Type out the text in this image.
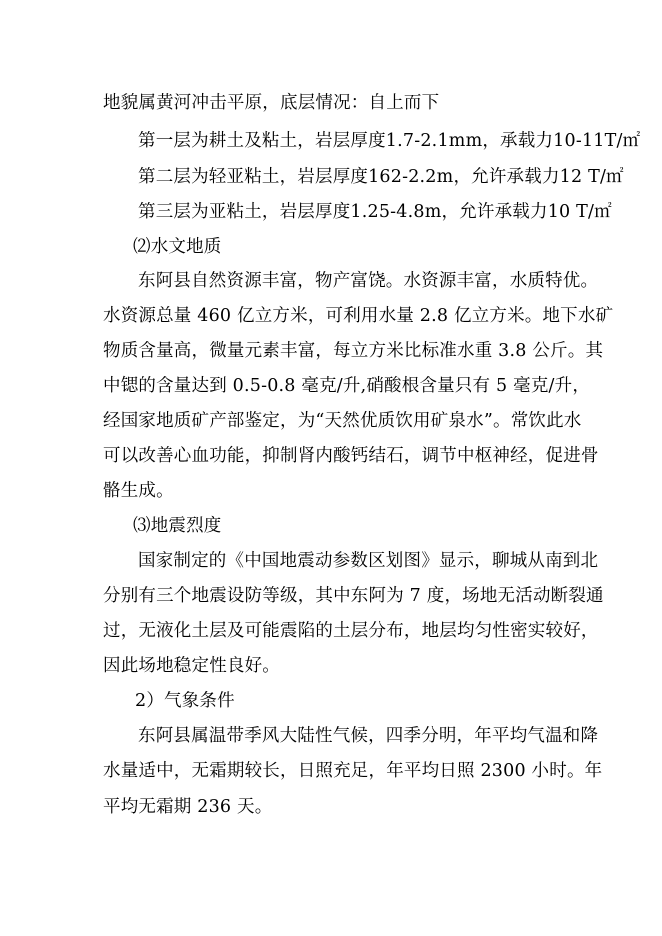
地貌属黄河冲击平原，底层情况：自上而下
第一层为耕土及粘土，岩层厚度1.7-2.1mm，承载力10-11T/㎡
第二层为轻亚粘土，岩层厚度162-2.2m，允许承载力12 T/㎡
第三层为亚粘土，岩层厚度1.25-4.8m，允许承载力10 T/㎡
⑵水文地质
东阿县自然资源丰富，物产富饶。水资源丰富，水质特优。
水资源总量 460 亿立方米，可利用水量 2.8 亿立方米。地下水矿
物质含量高，微量元素丰富，每立方米比标准水重 3.8 公斤。其
中锶的含量达到 0.5-0.8 毫克/升,硝酸根含量只有 5 毫克/升，
经国家地质矿产部鉴定，为“天然优质饮用矿泉水”。常饮此水
可以改善心血功能，抑制肾内酸钙结石，调节中枢神经，促进骨
骼生成。
⑶地震烈度
国家制定的《中国地震动参数区划图》显示，聊城从南到北
分别有三个地震设防等级，其中东阿为 7 度，场地无活动断裂通
过，无液化土层及可能震陷的土层分布，地层均匀性密实较好，
因此场地稳定性良好。
2）气象条件
东阿县属温带季风大陆性气候，四季分明，年平均气温和降
水量适中，无霜期较长，日照充足，年平均日照 2300 小时。年
平均无霜期 236 天。
